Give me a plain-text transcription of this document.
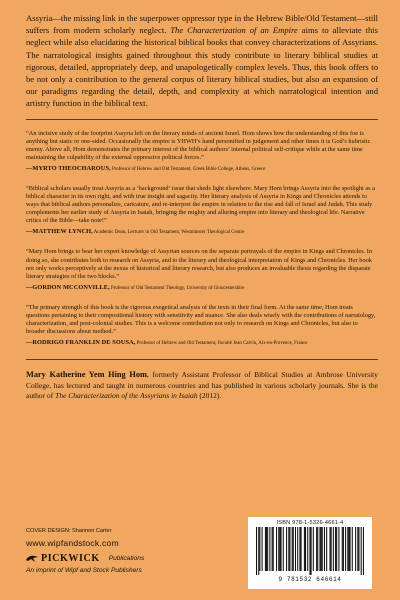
Assyria—the missing link in the superpower oppressor type in the Hebrew Bible/Old Testament—still suffers from modern scholarly neglect. The Characterization of an Empire aims to alleviate this neglect while also elucidating the historical biblical books that convey characterizations of Assyrians. The narratological insights gained throughout this study contribute to literary biblical studies at rigorous, detailed, appropriately deep, and unapologetically complex levels. Thus, this book offers to be not only a contribution to the general corpus of literary biblical studies, but also an expansion of our paradigms regarding the detail, depth, and complexity at which narratological intention and artistry function in the biblical text.

“An incisive study of the footprint Assyria left on the literary minds of ancient Israel. Hom shows how the understanding of this foe is anything but static or one-sided. Occasionally the empire is YHWH’s hand personified in judgement and other times it is God’s hubristic enemy. Above all, Hom demonstrates the primary interest of the biblical authors’ internal political self-critique while at the same time maintaining the culpability of the external oppressive political forces.”

—MYRTO THEOCHAROUS, Professor of Hebrew and Old Testament, Greek Bible College, Athens, Greece

“Biblical scholars usually treat Assyria as a ‘background’ issue that sheds light elsewhere. Mary Hom brings Assyria into the spotlight as a biblical character in its own right, and with true insight and sagacity. Her literary analysis of Assyria in Kings and Chronicles attends to ways that biblical authors personalize, caricature, and re-interpret the empire in relation to the rise and fall of Israel and Judah. This study complements her earlier study of Assyria in Isaiah, bringing the mighty and alluring empire into literary and theological life. Narrative critics of the Bible—take note!”

—MATTHEW LYNCH, Academic Dean, Lecturer in Old Testament, Westminster Theological Centre

“Mary Hom brings to bear her expert knowledge of Assyrian sources on the separate portrayals of the empire in Kings and Chronicles. In doing so, she contributes both to research on Assyria, and to the literary and theological interpretation of Kings and Chronicles. Her book not only works perceptively at the nexus of historical and literary research, but also produces an invaluable thesis regarding the disparate literary strategies of the two blocks.”

—GORDON MCCONVILLE, Professor of Old Testament Theology, University of Gloucestershire

“The primary strength of this book is the rigorous exegetical analysis of the texts in their final form. At the same time, Hom treats questions pertaining to their compositional history with sensitivity and nuance. She also deals wisely with the contributions of narratology, characterization, and post-colonial studies. This is a welcome contribution not only to research on Kings and Chronicles, but also to broader discussions about method.”

—RODRIGO FRANKLIN DE SOUSA, Professor of Hebrew and Old Testament, Faculté Jean Calvin, Aix-en-Provence, France

Mary Katherine Yem Hing Hom, formerly Assistant Professor of Biblical Studies at Ambrose University College, has lectured and taught in numerous countries and has published in various scholarly journals. She is the author of The Characterization of the Assyrians in Isaiah (2012).

COVER DESIGN: Shannon Carter
www.wipfandstock.com
PICKWICK Publications
An imprint of Wipf and Stock Publishers
ISBN 978-1-5326-4661-4
9 781532 646614
